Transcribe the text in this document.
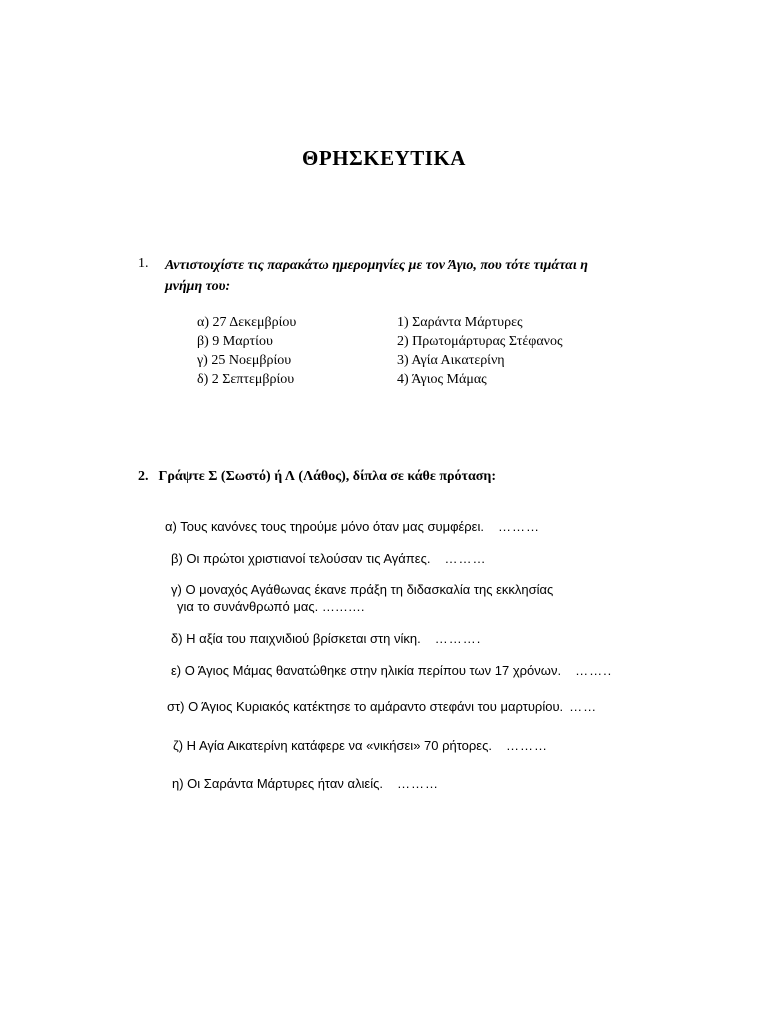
ΘΡΗΣΚΕΥΤΙΚΑ
1. Αντιστοιχίστε τις παρακάτω ημερομηνίες με τον Άγιο, που τότε τιμάται η
μνήμη του:
α) 27 Δεκεμβρίου
β) 9 Μαρτίου
γ) 25 Νοεμβρίου
δ) 2 Σεπτεμβρίου
1) Σαράντα Μάρτυρες
2) Πρωτομάρτυρας Στέφανος
3) Αγία Αικατερίνη
4) Άγιος Μάμας
2. Γράψτε Σ (Σωστό) ή Λ (Λάθος), δίπλα σε κάθε πρόταση:
α) Τους κανόνες τους τηρούμε μόνο όταν μας συμφέρει. ………
β) Οι πρώτοι χριστιανοί τελούσαν τις Αγάπες. ………
γ) Ο μοναχός Αγάθωνας έκανε πράξη τη διδασκαλία της εκκλησίας
για το συνάνθρωπό μας. ……….
δ) Η αξία του παιχνιδιού βρίσκεται στη νίκη. ……….
ε) Ο Άγιος Μάμας θανατώθηκε στην ηλικία περίπου των 17 χρόνων. ……..
στ) Ο Άγιος Κυριακός κατέκτησε το αμάραντο στεφάνι του μαρτυρίου. ……
ζ) Η Αγία Αικατερίνη κατάφερε να «νικήσει» 70 ρήτορες. ………
η) Οι Σαράντα Μάρτυρες ήταν αλιείς. ………
